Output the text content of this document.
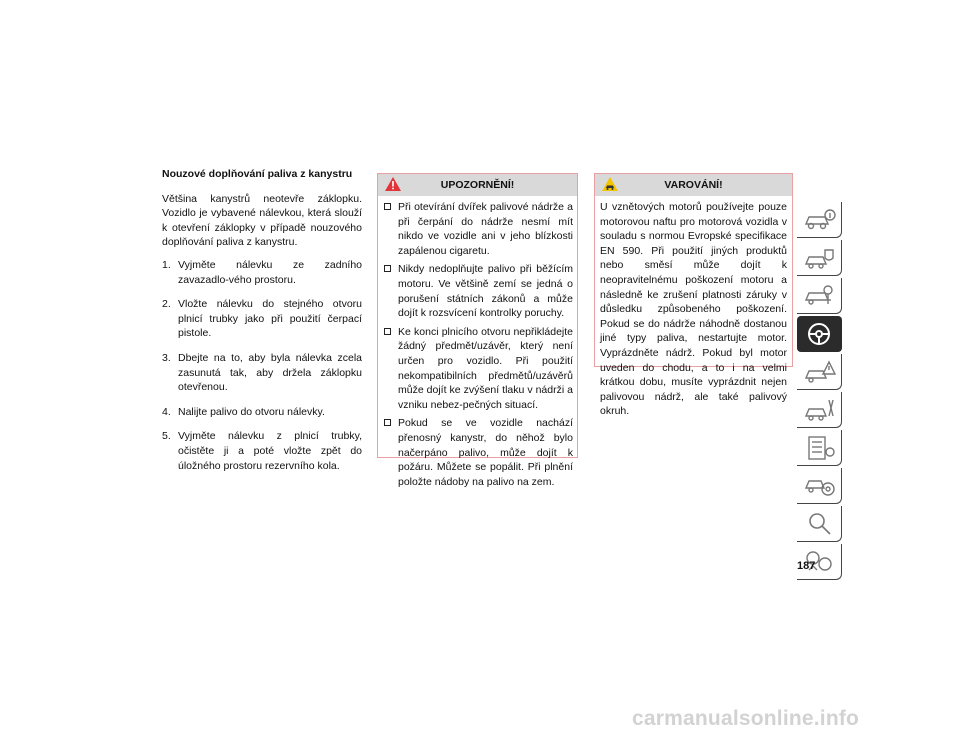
Nouzové doplňování paliva z kanystru

Většina kanystrů neotevře záklopku. Vozidlo je vybavené nálevkou, která slouží k otevření záklopky v případě nouzového doplňování paliva z kanystru.

1. Vyjměte nálevku ze zadního zavazadlo-vého prostoru.
2. Vložte nálevku do stejného otvoru plnicí trubky jako při použití čerpací pistole.
3. Dbejte na to, aby byla nálevka zcela zasunutá tak, aby držela záklopku otevřenou.
4. Nalijte palivo do otvoru nálevky.
5. Vyjměte nálevku z plnicí trubky, očistěte ji a poté vložte zpět do úložného prostoru rezervního kola.
UPOZORNĚNÍ!
Při otevírání dvířek palivové nádrže a při čerpání do nádrže nesmí mít nikdo ve vozidle ani v jeho blízkosti zapálenou cigaretu.
Nikdy nedoplňujte palivo při běžícím motoru. Ve většině zemí se jedná o porušení státních zákonů a může dojít k rozsvícení kontrolky poruchy.
Ke konci plnicího otvoru nepřikládejte žádný předmět/uzávěr, který není určen pro vozidlo. Při použití nekompatibilních předmětů/uzávěrů může dojít ke zvýšení tlaku v nádrži a vzniku nebez-pečných situací.
Pokud se ve vozidle nachází přenosný kanystr, do něhož bylo načerpáno palivo, může dojít k požáru. Můžete se popálit. Při plnění položte nádoby na palivo na zem.
VAROVÁNÍ!
U vznětových motorů používejte pouze motorovou naftu pro motorová vozidla v souladu s normou Evropské specifikace EN 590. Při použití jiných produktů nebo směsí může dojít k neopravitelnému poškození motoru a následně ke zrušení platnosti záruky v důsledku způsobeného poškození. Pokud se do nádrže náhodně dostanou jiné typy paliva, nestartujte motor. Vyprázdněte nádrž. Pokud byl motor uveden do chodu, a to i na velmi krátkou dobu, musíte vyprázdnit nejen palivovou nádrž, ale také palivový okruh.
187
carmanualsonline.info
